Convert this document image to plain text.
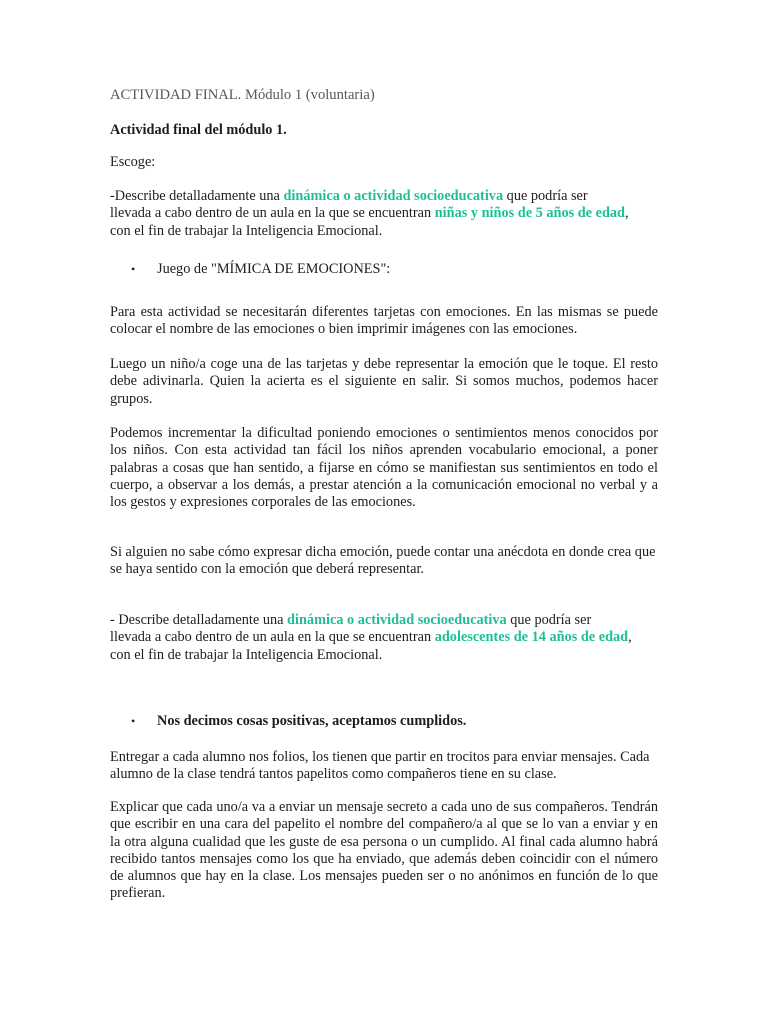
ACTIVIDAD FINAL. Módulo 1 (voluntaria)

Actividad final del módulo 1.

Escoge:

-Describe detalladamente una dinámica o actividad socioeducativa que podría ser llevada a cabo dentro de un aula en la que se encuentran niñas y niños de 5 años de edad, con el fin de trabajar la Inteligencia Emocional.

• Juego de "MÍMICA DE EMOCIONES":

Para esta actividad se necesitarán diferentes tarjetas con emociones. En las mismas se puede colocar el nombre de las emociones o bien imprimir imágenes con las emociones.

Luego un niño/a coge una de las tarjetas y debe representar la emoción que le toque. El resto debe adivinarla. Quien la acierta es el siguiente en salir. Si somos muchos, podemos hacer grupos.

Podemos incrementar la dificultad poniendo emociones o sentimientos menos conocidos por los niños. Con esta actividad tan fácil los niños aprenden vocabulario emocional, a poner palabras a cosas que han sentido, a fijarse en cómo se manifiestan sus sentimientos en todo el cuerpo, a observar a los demás, a prestar atención a la comunicación emocional no verbal y a los gestos y expresiones corporales de las emociones.

Si alguien no sabe cómo expresar dicha emoción, puede contar una anécdota en donde crea que se haya sentido con la emoción que deberá representar.

- Describe detalladamente una dinámica o actividad socioeducativa que podría ser llevada a cabo dentro de un aula en la que se encuentran adolescentes de 14 años de edad, con el fin de trabajar la Inteligencia Emocional.

• Nos decimos cosas positivas, aceptamos cumplidos.

Entregar a cada alumno nos folios, los tienen que partir en trocitos para enviar mensajes. Cada alumno de la clase tendrá tantos papelitos como compañeros tiene en su clase.

Explicar que cada uno/a va a enviar un mensaje secreto a cada uno de sus compañeros. Tendrán que escribir en una cara del papelito el nombre del compañero/a al que se lo van a enviar y en la otra alguna cualidad que les guste de esa persona o un cumplido. Al final cada alumno habrá recibido tantos mensajes como los que ha enviado, que además deben coincidir con el número de alumnos que hay en la clase. Los mensajes pueden ser o no anónimos en función de lo que prefieran.
